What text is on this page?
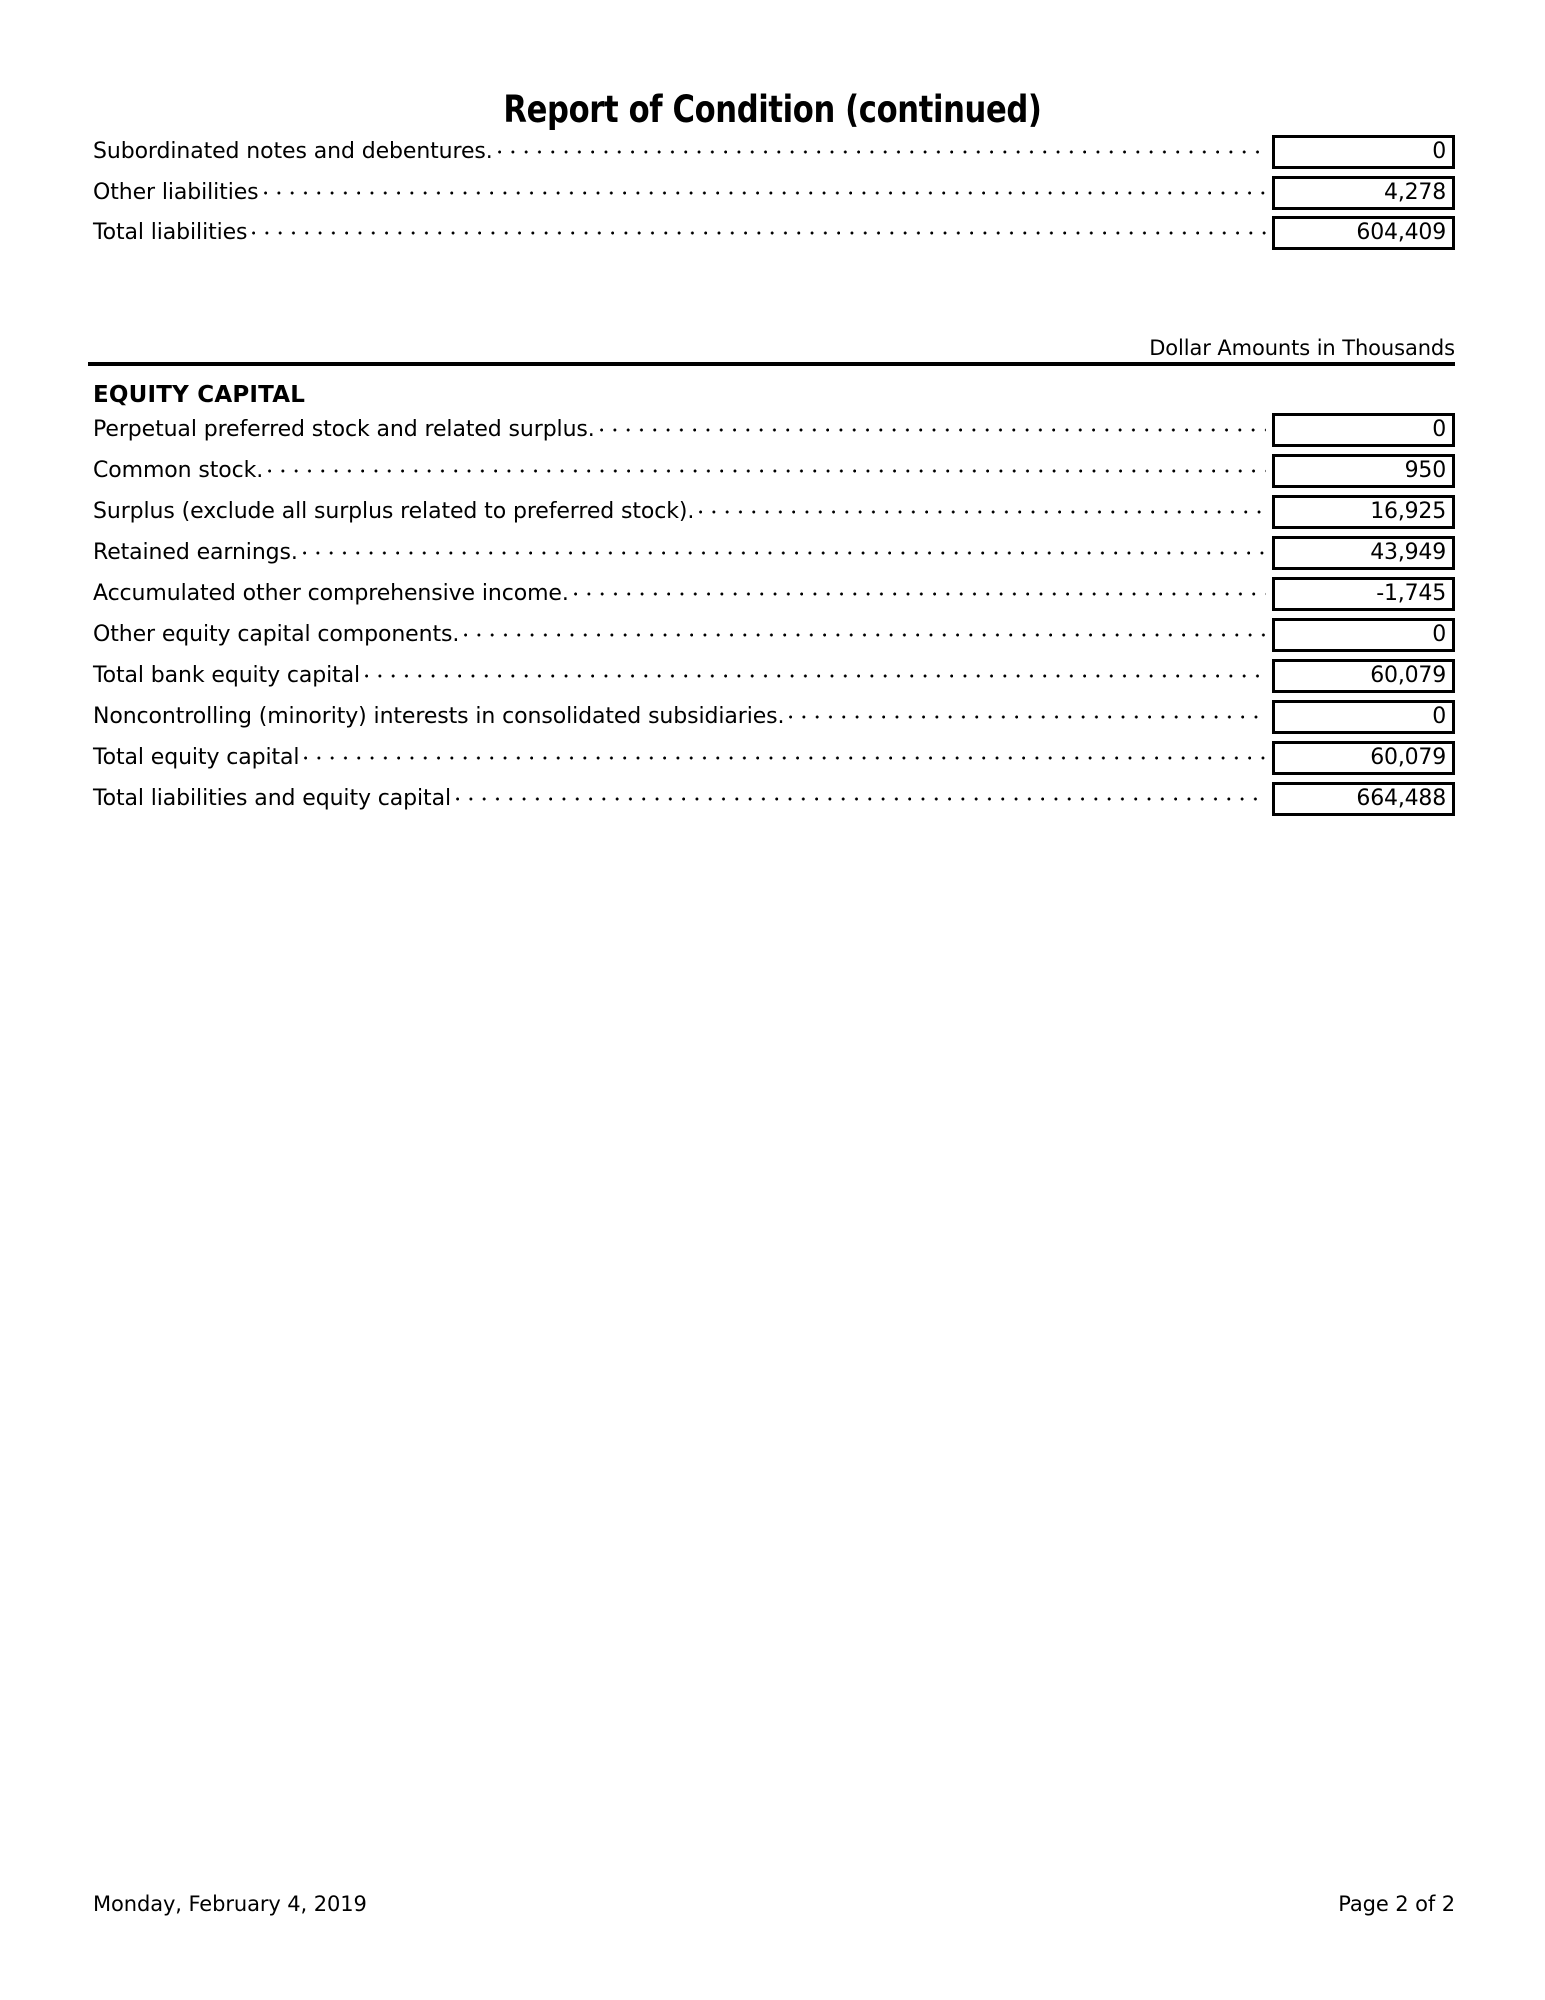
Report of Condition (continued)
Subordinated notes and debentures.	0
Other liabilities	4,278
Total liabilities	604,409
Dollar Amounts in Thousands
EQUITY CAPITAL
Perpetual preferred stock and related surplus.	0
Common stock.	950
Surplus (exclude all surplus related to preferred stock).	16,925
Retained earnings.	43,949
Accumulated other comprehensive income.	-1,745
Other equity capital components.	0
Total bank equity capital	60,079
Noncontrolling (minority) interests in consolidated subsidiaries.	0
Total equity capital	60,079
Total liabilities and equity capital	664,488
Monday, February 4, 2019	Page 2 of 2
